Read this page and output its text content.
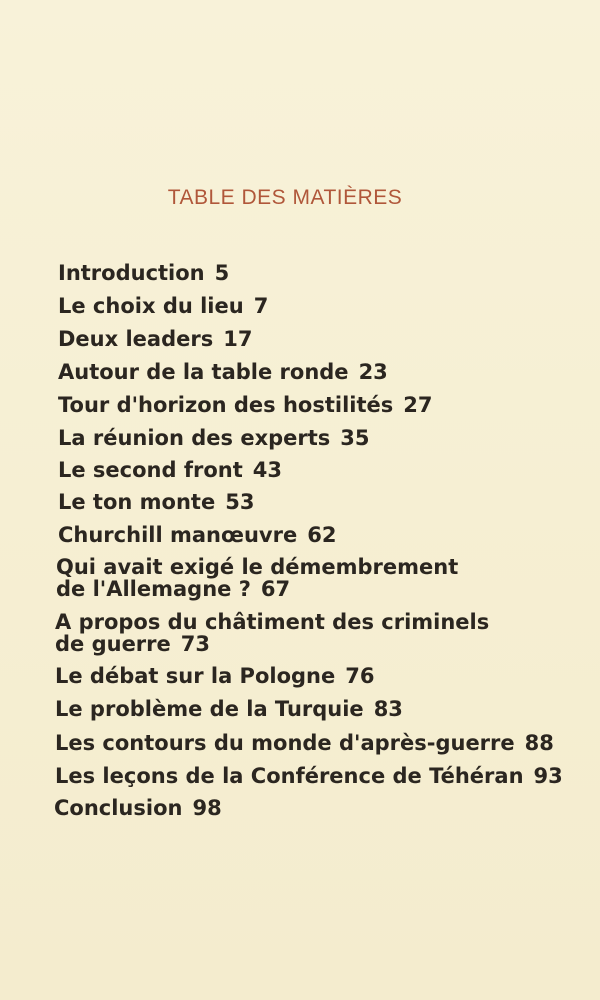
TABLE DES MATIÈRES
Introduction 5
Le choix du lieu 7
Deux leaders 17
Autour de la table ronde 23
Tour d'horizon des hostilités 27
La réunion des experts 35
Le second front 43
Le ton monte 53
Churchill manœuvre 62
Qui avait exigé le démembrement
de l'Allemagne ? 67
A propos du châtiment des criminels
de guerre 73
Le débat sur la Pologne 76
Le problème de la Turquie 83
Les contours du monde d'après-guerre 88
Les leçons de la Conférence de Téhéran 93
Conclusion 98
